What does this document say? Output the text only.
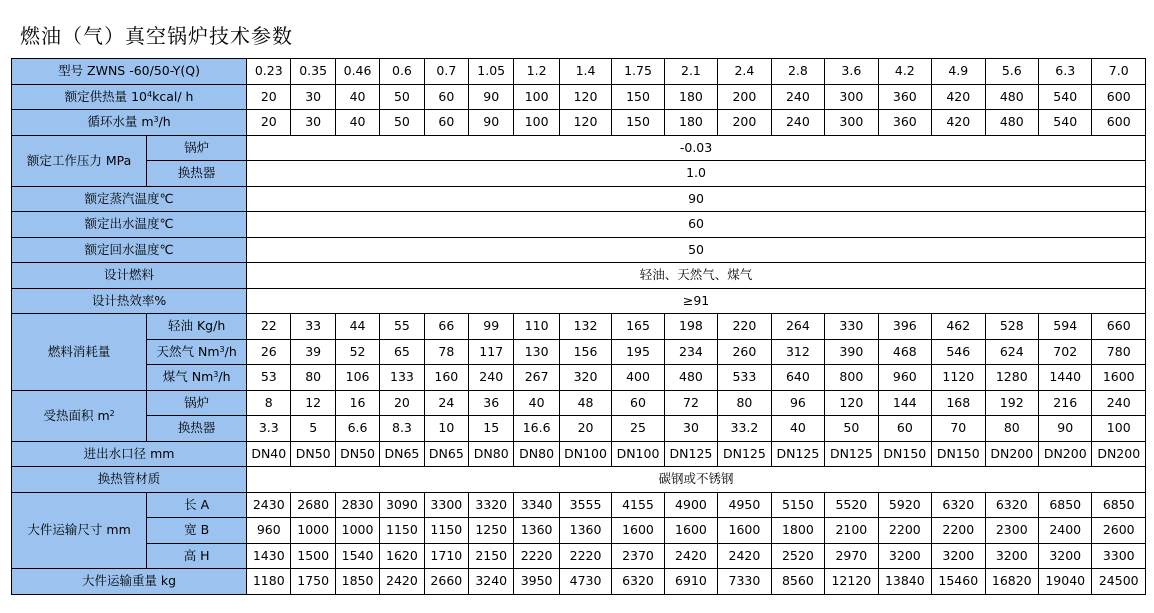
燃油（气）真空锅炉技术参数
型号 ZWNS -60/50-Y(Q)		0.23	0.35	0.46	0.6	0.7	1.05	1.2	1.4	1.75	2.1	2.4	2.8	3.6	4.2	4.9	5.6	6.3	7.0
额定供热量 $10^4kcal/$ h		20	30	40	50	60	90	100	120	150	180	200	240	300	360	420	480	540	600
循环水量 $m^3/h$		20	30	40	50	60	90	100	120	150	180	200	240	300	360	420	480	540	600
额定工作压力 MPa	锅炉	-0.03																	
	换热器	1.0																	
额定蒸汽温度℃		90																	
额定出水温度℃		60																	
额定回水温度℃		50																	
设计燃料		轻油、天然气、煤气																	
设计热效率%		≥91																	
燃料消耗量	轻油 Kg/h	22	33	44	55	66	99	110	132	165	198	220	264	330	396	462	528	594	660
	天然气 Nm$^3$/h	26	39	52	65	78	117	130	156	195	234	260	312	390	468	546	624	702	780
	煤气 Nm$^3$/h	53	80	106	133	160	240	267	320	400	480	533	640	800	960	1120	1280	1440	1600
受热面积 $m^2$	锅炉	8	12	16	20	24	36	40	48	60	72	80	96	120	144	168	192	216	240
	换热器	3.3	5	6.6	8.3	10	15	16.6	20	25	30	33.2	40	50	60	70	80	90	100
进出水口径 mm		DN40	DN50	DN50	DN65	DN65	DN80	DN80	DN100	DN100	DN125	DN125	DN125	DN125	DN150	DN150	DN200	DN200	DN200
换热管材质		碳钢或不锈钢																	
大件运输尺寸 mm	长 A	2430	2680	2830	3090	3300	3320	3340	3555	4155	4900	4950	5150	5520	5920	6320	6320	6850	6850
	宽 B	960	1000	1000	1150	1150	1250	1360	1360	1600	1600	1600	1800	2100	2200	2200	2300	2400	2600
	高 H	1430	1500	1540	1620	1710	2150	2220	2220	2370	2420	2420	2520	2970	3200	3200	3200	3200	3300
大件运输重量 kg		1180	1750	1850	2420	2660	3240	3950	4730	6320	6910	7330	8560	12120	13840	15460	16820	19040	24500
